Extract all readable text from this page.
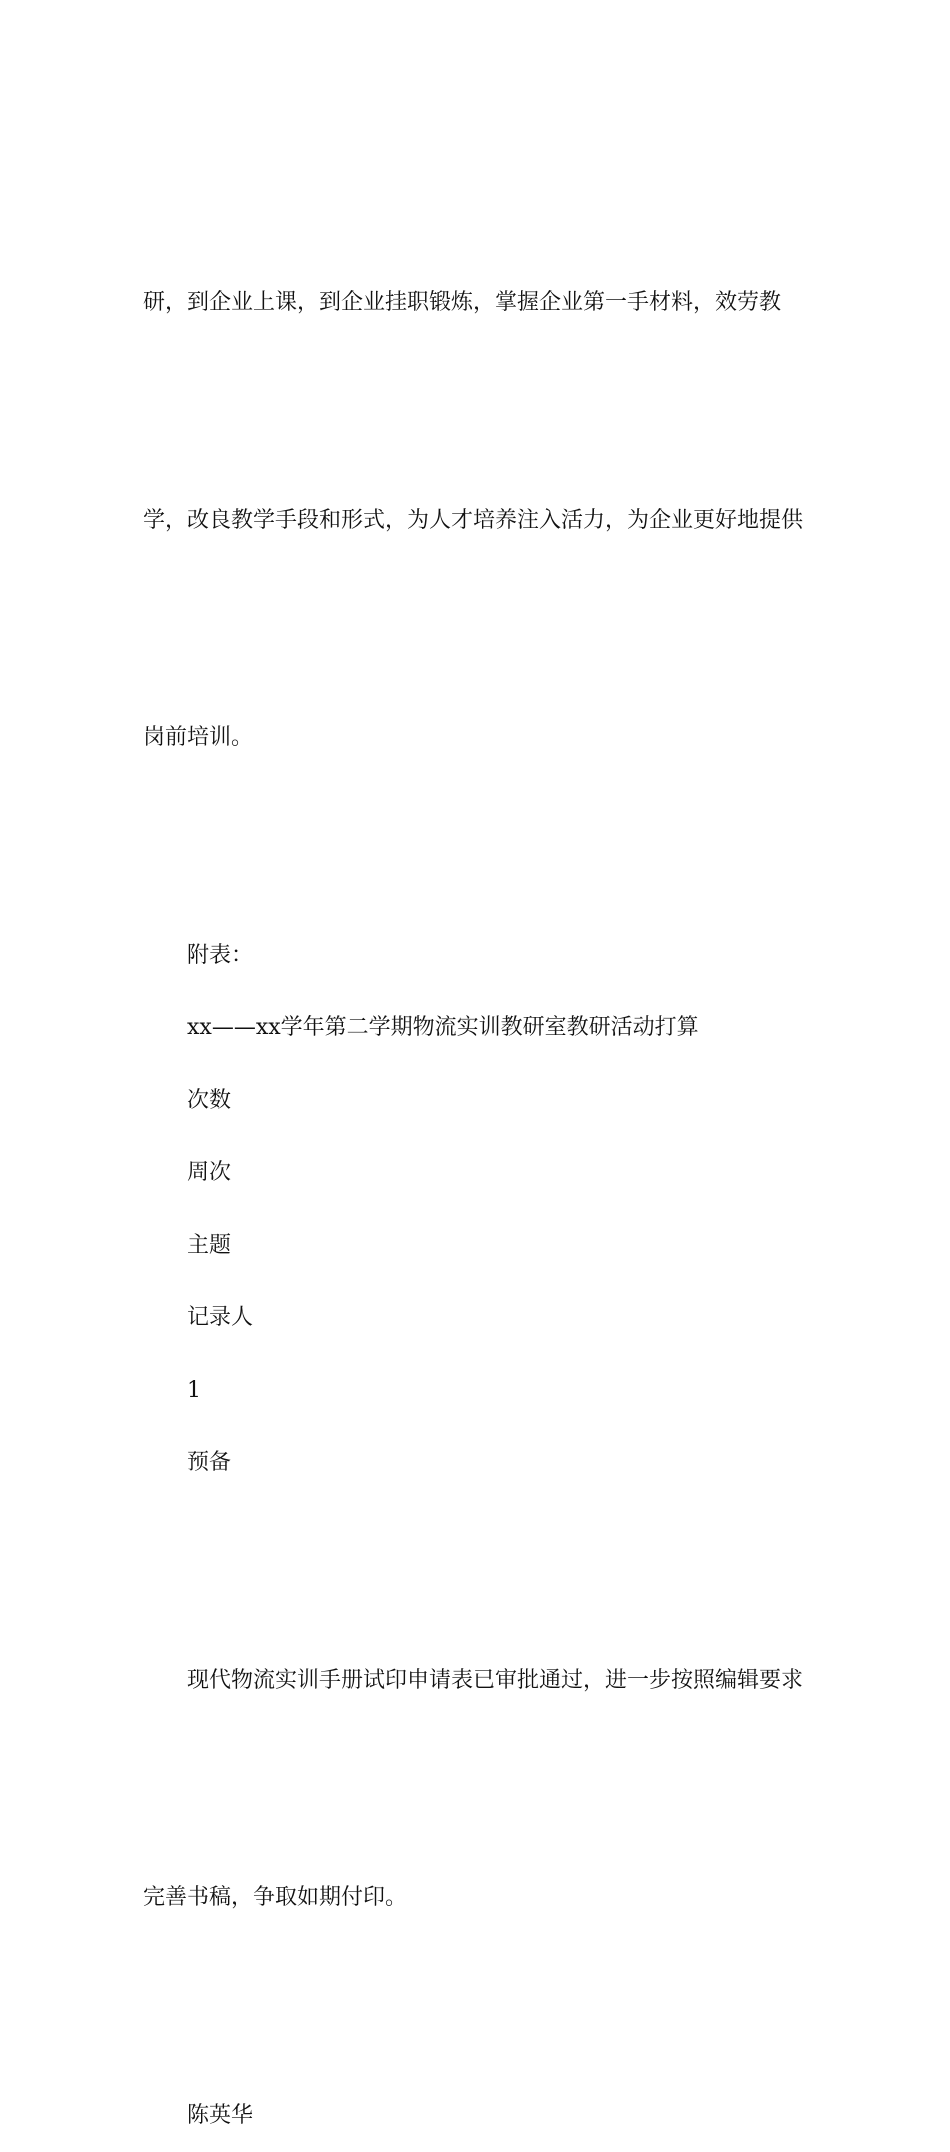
研，到企业上课，到企业挂职锻炼，掌握企业第一手材料，效劳教

学，改良教学手段和形式，为人才培养注入活力，为企业更好地提供

岗前培训。

附表：

xx——xx学年第二学期物流实训教研室教研活动打算

次数

周次

主题

记录人

1

预备

现代物流实训手册试印申请表已审批通过，进一步按照编辑要求

完善书稿，争取如期付印。

陈英华
